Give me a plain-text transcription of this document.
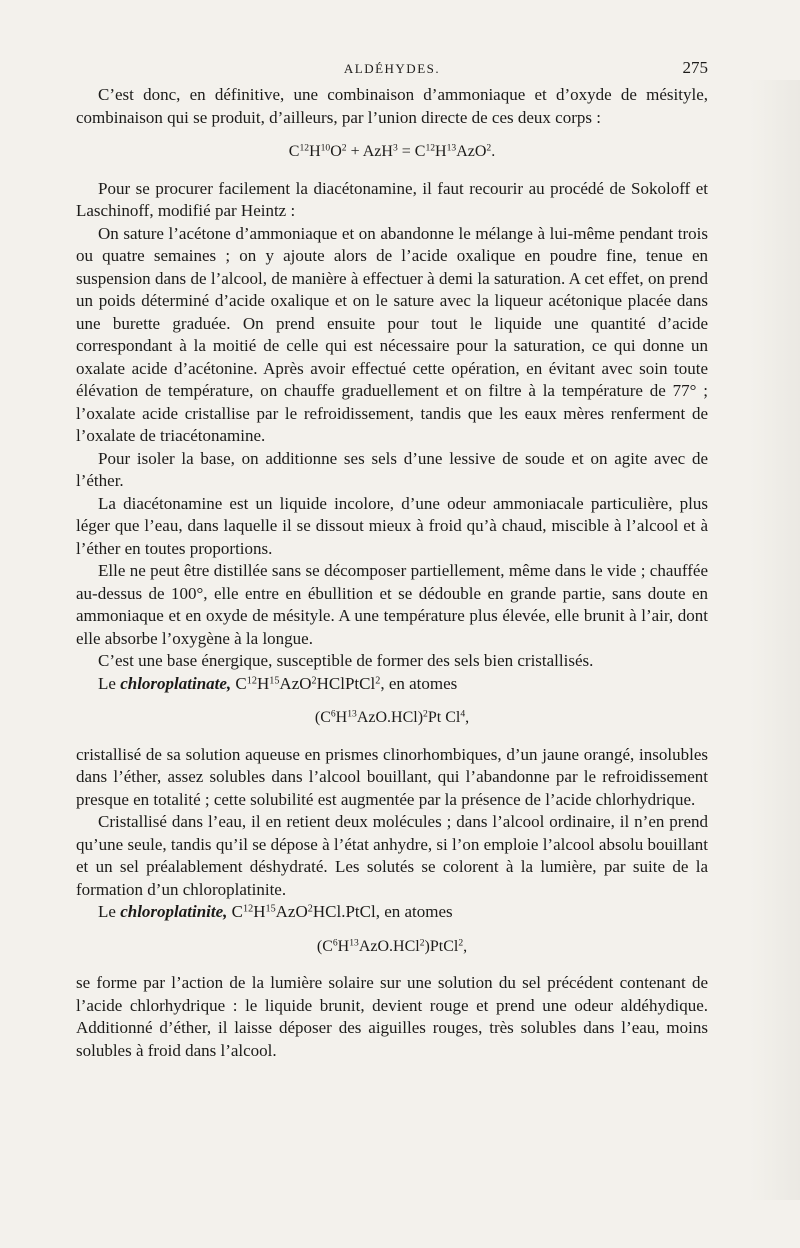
ALDÉHYDES.	275

C’est donc, en définitive, une combinaison d’ammoniaque et d’oxyde de mésityle, combinaison qui se produit, d’ailleurs, par l’union directe de ces deux corps :

$C^{12}H^{10}O^2 + AzH^3 = C^{12}H^{13}AzO^2$.

Pour se procurer facilement la diacétonamine, il faut recourir au procédé de Sokoloff et Laschinoff, modifié par Heintz :

On sature l’acétone d’ammoniaque et on abandonne le mélange à lui-même pendant trois ou quatre semaines ; on y ajoute alors de l’acide oxalique en poudre fine, tenue en suspension dans de l’alcool, de manière à effectuer à demi la saturation. A cet effet, on prend un poids déterminé d’acide oxalique et on le sature avec la liqueur acétonique placée dans une burette graduée. On prend ensuite pour tout le liquide une quantité d’acide correspondant à la moitié de celle qui est nécessaire pour la saturation, ce qui donne un oxalate acide d’acétonine. Après avoir effectué cette opération, en évitant avec soin toute élévation de température, on chauffe graduellement et on filtre à la température de 77° ; l’oxalate acide cristallise par le refroidissement, tandis que les eaux mères renferment de l’oxalate de triacétonamine.

Pour isoler la base, on additionne ses sels d’une lessive de soude et on agite avec de l’éther.

La diacétonamine est un liquide incolore, d’une odeur ammoniacale particulière, plus léger que l’eau, dans laquelle il se dissout mieux à froid qu’à chaud, miscible à l’alcool et à l’éther en toutes proportions.

Elle ne peut être distillée sans se décomposer partiellement, même dans le vide ; chauffée au-dessus de 100°, elle entre en ébullition et se dédouble en grande partie, sans doute en ammoniaque et en oxyde de mésityle. A une température plus élevée, elle brunit à l’air, dont elle absorbe l’oxygène à la longue.

C’est une base énergique, susceptible de former des sels bien cristallisés.

Le chloroplatinate, $C^{12}H^{15}AzO^2HClPtCl^2$, en atomes

$(C^6H^{13}AzO.HCl)^2Pt$ Cl$^4$,

cristallisé de sa solution aqueuse en prismes clinorhombiques, d’un jaune orangé, insolubles dans l’éther, assez solubles dans l’alcool bouillant, qui l’abandonne par le refroidissement presque en totalité ; cette solubilité est augmentée par la présence de l’acide chlorhydrique.

Cristallisé dans l’eau, il en retient deux molécules ; dans l’alcool ordinaire, il n’en prend qu’une seule, tandis qu’il se dépose à l’état anhydre, si l’on emploie l’alcool absolu bouillant et un sel préalablement déshydraté. Les solutés se colorent à la lumière, par suite de la formation d’un chloroplatinite.

Le chloroplatinite, $C^{12}H^{15}AzO^2HCl.PtCl$, en atomes

$(C^6H^{13}AzO.HCl^2)PtCl^2$,

se forme par l’action de la lumière solaire sur une solution du sel précédent contenant de l’acide chlorhydrique : le liquide brunit, devient rouge et prend une odeur aldéhydique. Additionné d’éther, il laisse déposer des aiguilles rouges, très solubles dans l’eau, moins solubles à froid dans l’alcool.
